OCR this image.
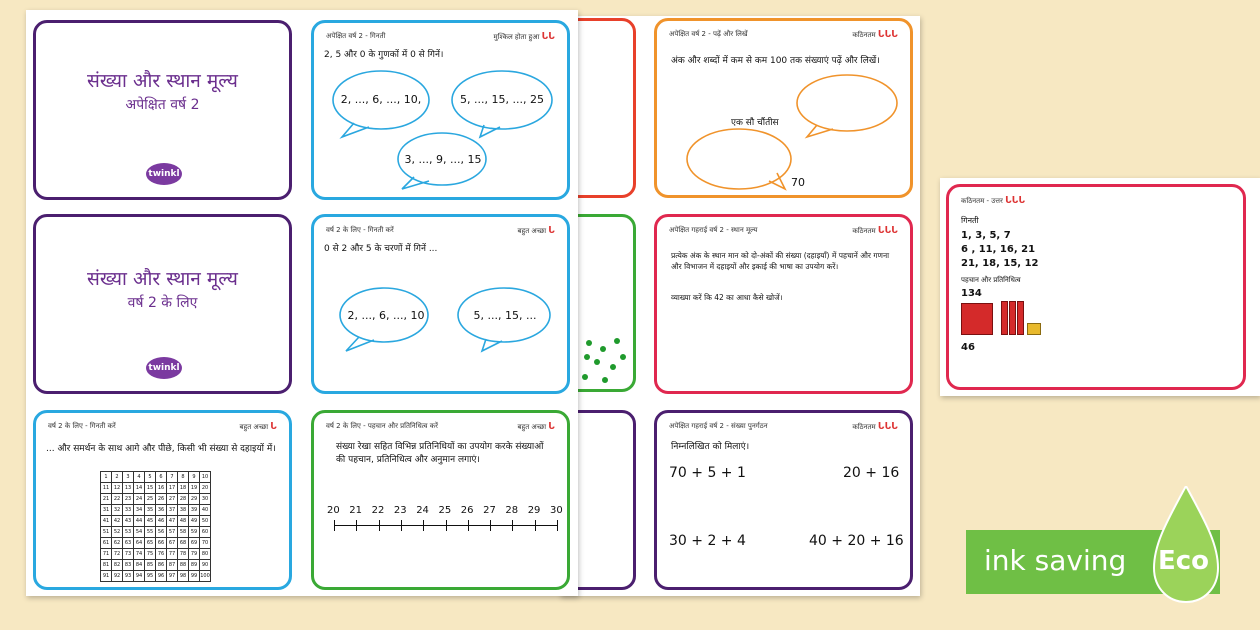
संख्या और स्थान मूल्य
अपेक्षित वर्ष 2
twinkl
अपेक्षित वर्ष 2 - गिनती	मुश्किल होता हुआ ᒐᒐ
2, 5 और 0 के गुणकों में 0 से गिनें।
2, ..., 6, ..., 10,	5, ..., 15, ..., 25
3, ..., 9, ..., 15
संख्या और स्थान मूल्य
वर्ष 2 के लिए
twinkl
वर्ष 2 के लिए - गिनती करें	बहुत अच्छा ᒐ
0 से 2 और 5 के चरणों में गिनें ...
2, ..., 6, ..., 10	5, ..., 15, ...
वर्ष 2 के लिए - गिनती करें	बहुत अच्छा ᒐ
... और समर्थन के साथ आगे और पीछे, किसी भी संख्या से दहाइयों में।
1	2	3	4	5	6	7	8	9	10
11	12	13	14	15	16	17	18	19	20
21	22	23	24	25	26	27	28	29	30
31	32	33	34	35	36	37	38	39	40
41	42	43	44	45	46	47	48	49	50
51	52	53	54	55	56	57	58	59	60
61	62	63	64	65	66	67	68	69	70
71	72	73	74	75	76	77	78	79	80
81	82	83	84	85	86	87	88	89	90
91	92	93	94	95	96	97	98	99	100
वर्ष 2 के लिए - पहचान और प्रतिनिधित्व करें	बहुत अच्छा ᒐ
संख्या रेखा सहित विभिन्न प्रतिनिधियों का उपयोग करके संख्याओं की पहचान, प्रतिनिधित्व और अनुमान लगाएं।
20 21 22 23 24 25 26 27 28 29 30
अपेक्षित वर्ष 2 - पढ़ें और लिखें	कठिनतम ᒐᒐᒐ
अंक और शब्दों में कम से कम 100 तक संख्याएं पढ़ें और लिखें।
एक सौ चौंतीस
70
अपेक्षित गहराई वर्ष 2 - स्थान मूल्य	कठिनतम ᒐᒐᒐ
प्रत्येक अंक के स्थान मान को दो-अंकों की संख्या (दहाइयाँ) में पहचानें और गणना और विभाजन में दहाइयों और इकाई की भाषा का उपयोग करें।
व्याख्या करें कि 42 का आधा कैसे खोजें।
अपेक्षित गहराई वर्ष 2 - संख्या पुनर्गठन	कठिनतम ᒐᒐᒐ
निम्नलिखित को मिलाएं।
70 + 5 + 1	20 + 16
30 + 2 + 4	40 + 20 + 16
कठिनतम - उत्तर ᒐᒐᒐ
गिनती
1, 3, 5, 7
6 , 11, 16, 21
21, 18, 15, 12
पहचान और प्रतिनिधित्व
134
46
ink saving Eco
